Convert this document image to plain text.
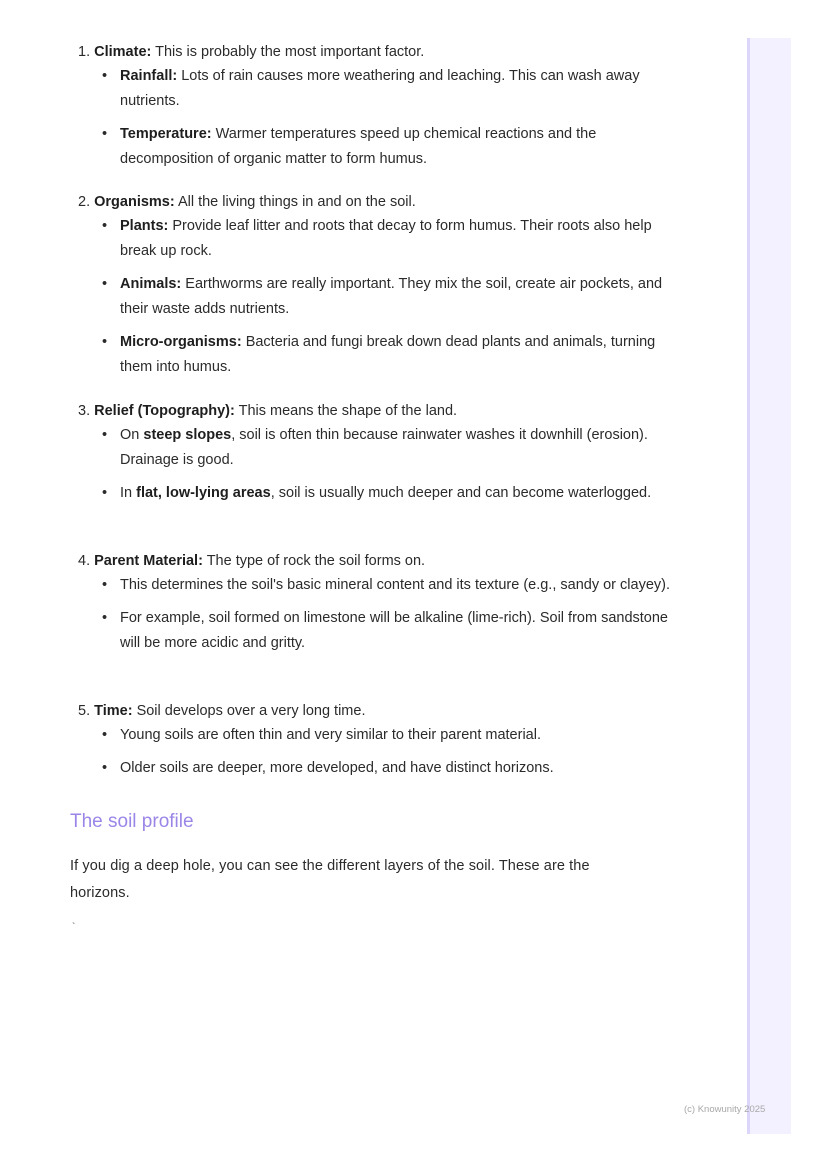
1. Climate: This is probably the most important factor.

• Rainfall: Lots of rain causes more weathering and leaching. This can wash away nutrients.
• Temperature: Warmer temperatures speed up chemical reactions and the decomposition of organic matter to form humus.

2. Organisms: All the living things in and on the soil.

• Plants: Provide leaf litter and roots that decay to form humus. Their roots also help break up rock.
• Animals: Earthworms are really important. They mix the soil, create air pockets, and their waste adds nutrients.
• Micro-organisms: Bacteria and fungi break down dead plants and animals, turning them into humus.

3. Relief (Topography): This means the shape of the land.

• On steep slopes, soil is often thin because rainwater washes it downhill (erosion). Drainage is good.
• In flat, low-lying areas, soil is usually much deeper and can become waterlogged.

4. Parent Material: The type of rock the soil forms on.

• This determines the soil's basic mineral content and its texture (e.g., sandy or clayey).
• For example, soil formed on limestone will be alkaline (lime-rich). Soil from sandstone will be more acidic and gritty.

5. Time: Soil develops over a very long time.

• Young soils are often thin and very similar to their parent material.
• Older soils are deeper, more developed, and have distinct horizons.
The soil profile

If you dig a deep hole, you can see the different layers of the soil. These are the horizons.

`
(c) Knowunity 2025
